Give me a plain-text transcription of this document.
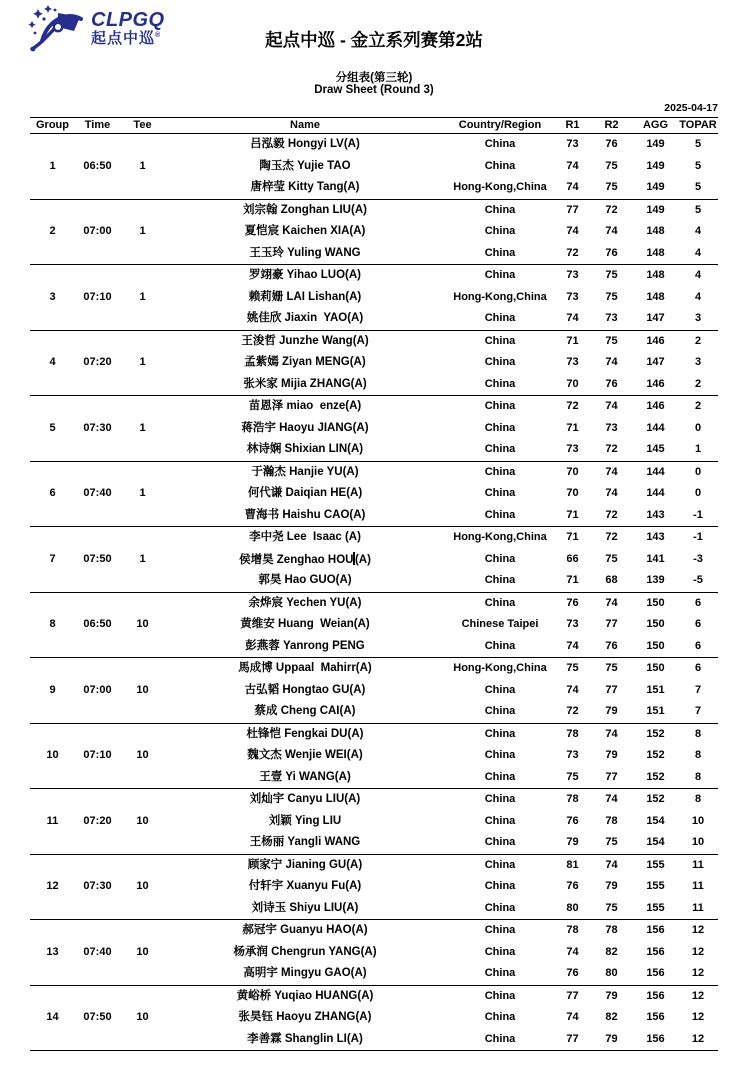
CLPGQ
起点中巡®	起点中巡 - 金立系列赛第2站
分组表(第三轮)
Draw Sheet (Round 3)
2025-04-17
Group	Time	Tee	Name	Country/Region	R1	R2	AGG	TOPAR
1	06:50	1
吕泓毅 Hongyi LV(A)	China	73	76	149	5
陶玉杰 Yujie TAO	China	74	75	149	5
唐梓莹 Kitty Tang(A)	Hong-Kong,China	74	75	149	5
2	07:00	1
刘宗翰 Zonghan LIU(A)	China	77	72	149	5
夏恺宸 Kaichen XIA(A)	China	74	74	148	4
王玉玲 Yuling WANG	China	72	76	148	4
3	07:10	1
罗翊豪 Yihao LUO(A)	China	73	75	148	4
赖莉姗 LAI Lishan(A)	Hong-Kong,China	73	75	148	4
姚佳欣 Jiaxin  YAO(A)	China	74	73	147	3
4	07:20	1
王浚哲 Junzhe Wang(A)	China	71	75	146	2
孟紫嫣 Ziyan MENG(A)	China	73	74	147	3
张米家 Mijia ZHANG(A)	China	70	76	146	2
5	07:30	1
苗恩泽 miao  enze(A)	China	72	74	146	2
蒋浩宇 Haoyu JIANG(A)	China	71	73	144	0
林诗娴 Shixian LIN(A)	China	73	72	145	1
6	07:40	1
于瀚杰 Hanjie YU(A)	China	70	74	144	0
何代谦 Daiqian HE(A)	China	70	74	144	0
曹海书 Haishu CAO(A)	China	71	72	143	-1
7	07:50	1
李中尧 Lee  Isaac (A)	Hong-Kong,China	71	72	143	-1
侯增昊 Zenghao HOU (A)	China	66	75	141	-3
郭昊 Hao GUO(A)	China	71	68	139	-5
8	06:50	10
余烨宸 Yechen YU(A)	China	76	74	150	6
黄维安 Huang  Weian(A)	Chinese Taipei	73	77	150	6
彭燕蓉 Yanrong PENG	China	74	76	150	6
9	07:00	10
馬成博 Uppaal  Mahirr(A)	Hong-Kong,China	75	75	150	6
古弘韬 Hongtao GU(A)	China	74	77	151	7
蔡成 Cheng CAI(A)	China	72	79	151	7
10	07:10	10
杜锋恺 Fengkai DU(A)	China	78	74	152	8
魏文杰 Wenjie WEI(A)	China	73	79	152	8
王壹 Yi WANG(A)	China	75	77	152	8
11	07:20	10
刘灿宇 Canyu LIU(A)	China	78	74	152	8
刘颖 Ying LIU	China	76	78	154	10
王杨丽 Yangli WANG	China	79	75	154	10
12	07:30	10
顾家宁 Jianing GU(A)	China	81	74	155	11
付轩宇 Xuanyu Fu(A)	China	76	79	155	11
刘诗玉 Shiyu LIU(A)	China	80	75	155	11
13	07:40	10
郝冠宇 Guanyu HAO(A)	China	78	78	156	12
杨承润 Chengrun YANG(A)	China	74	82	156	12
高明宇 Mingyu GAO(A)	China	76	80	156	12
14	07:50	10
黄峪桥 Yuqiao HUANG(A)	China	77	79	156	12
张昊钰 Haoyu ZHANG(A)	China	74	82	156	12
李善霖 Shanglin LI(A)	China	77	79	156	12
